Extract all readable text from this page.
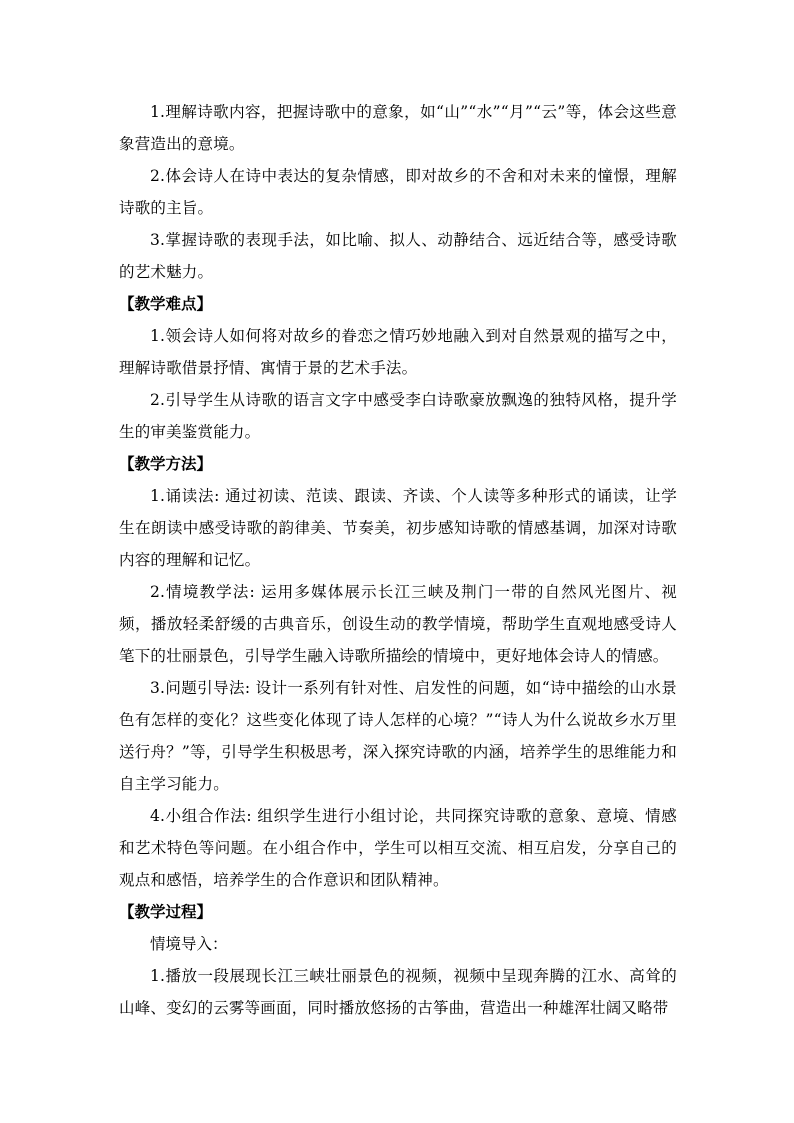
1.理解诗歌内容，把握诗歌中的意象，如“山”“水”“月”“云”等，体会这些意象营造出的意境。

2.体会诗人在诗中表达的复杂情感，即对故乡的不舍和对未来的憧憬，理解诗歌的主旨。

3.掌握诗歌的表现手法，如比喻、拟人、动静结合、远近结合等，感受诗歌的艺术魅力。

【教学难点】

1.领会诗人如何将对故乡的眷恋之情巧妙地融入到对自然景观的描写之中，理解诗歌借景抒情、寓情于景的艺术手法。

2.引导学生从诗歌的语言文字中感受李白诗歌豪放飘逸的独特风格，提升学生的审美鉴赏能力。

【教学方法】

1.诵读法: 通过初读、范读、跟读、齐读、个人读等多种形式的诵读，让学生在朗读中感受诗歌的韵律美、节奏美，初步感知诗歌的情感基调，加深对诗歌内容的理解和记忆。

2.情境教学法: 运用多媒体展示长江三峡及荆门一带的自然风光图片、视频，播放轻柔舒缓的古典音乐，创设生动的教学情境，帮助学生直观地感受诗人笔下的壮丽景色，引导学生融入诗歌所描绘的情境中，更好地体会诗人的情感。

3.问题引导法: 设计一系列有针对性、启发性的问题，如“诗中描绘的山水景色有怎样的变化？这些变化体现了诗人怎样的心境？”“诗人为什么说故乡水万里送行舟？”等，引导学生积极思考，深入探究诗歌的内涵，培养学生的思维能力和自主学习能力。

4.小组合作法: 组织学生进行小组讨论，共同探究诗歌的意象、意境、情感和艺术特色等问题。在小组合作中，学生可以相互交流、相互启发，分享自己的观点和感悟，培养学生的合作意识和团队精神。

【教学过程】

情境导入：

1.播放一段展现长江三峡壮丽景色的视频，视频中呈现奔腾的江水、高耸的山峰、变幻的云雾等画面，同时播放悠扬的古筝曲，营造出一种雄浑壮阔又略带
